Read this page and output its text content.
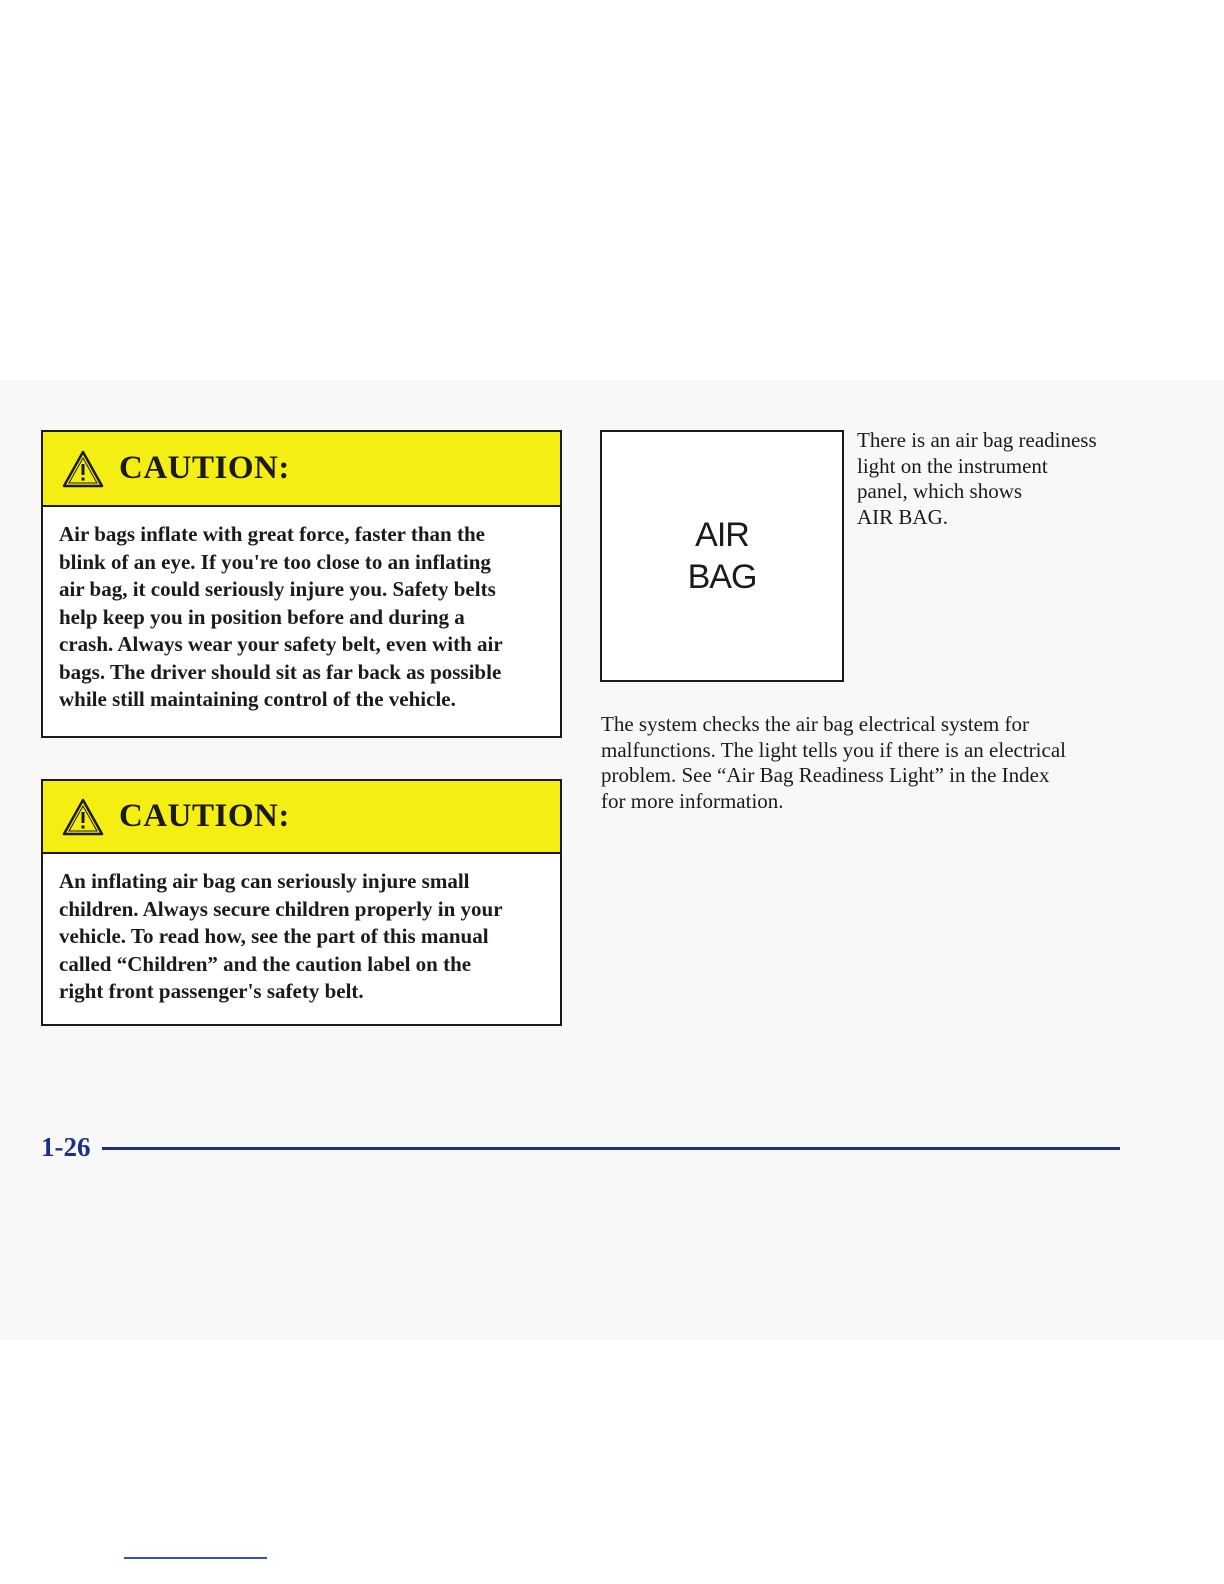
CAUTION:
Air bags inflate with great force, faster than the
blink of an eye. If you're too close to an inflating
air bag, it could seriously injure you. Safety belts
help keep you in position before and during a
crash. Always wear your safety belt, even with air
bags. The driver should sit as far back as possible
while still maintaining control of the vehicle.
CAUTION:
An inflating air bag can seriously injure small
children. Always secure children properly in your
vehicle. To read how, see the part of this manual
called “Children” and the caution label on the
right front passenger's safety belt.
AIR
BAG
There is an air bag readiness
light on the instrument
panel, which shows
AIR BAG.
The system checks the air bag electrical system for
malfunctions. The light tells you if there is an electrical
problem. See “Air Bag Readiness Light” in the Index
for more information.
1-26
